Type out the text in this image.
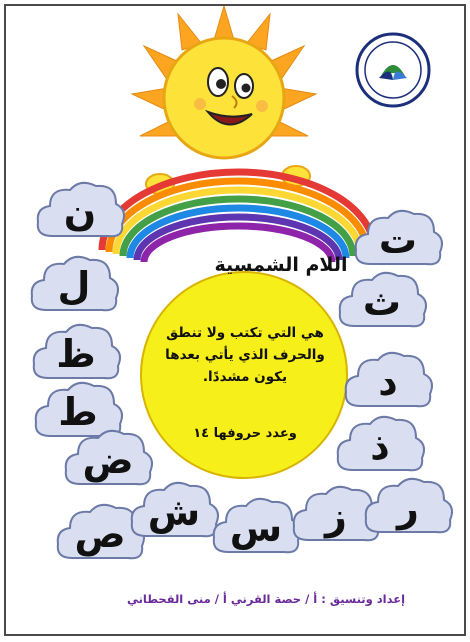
اللام الشمسية
هي التي تكتب ولا تنطق والحرف الذي يأتي بعدها يكون مشددًا.
وعدد حروفها ١٤
ن
ل
ظ
ط
ض
ص ش س	ز	ر
ذ
د
ث
ت
إعداد وتنسيق : أ / حصة القرني أ / منى القحطاني
